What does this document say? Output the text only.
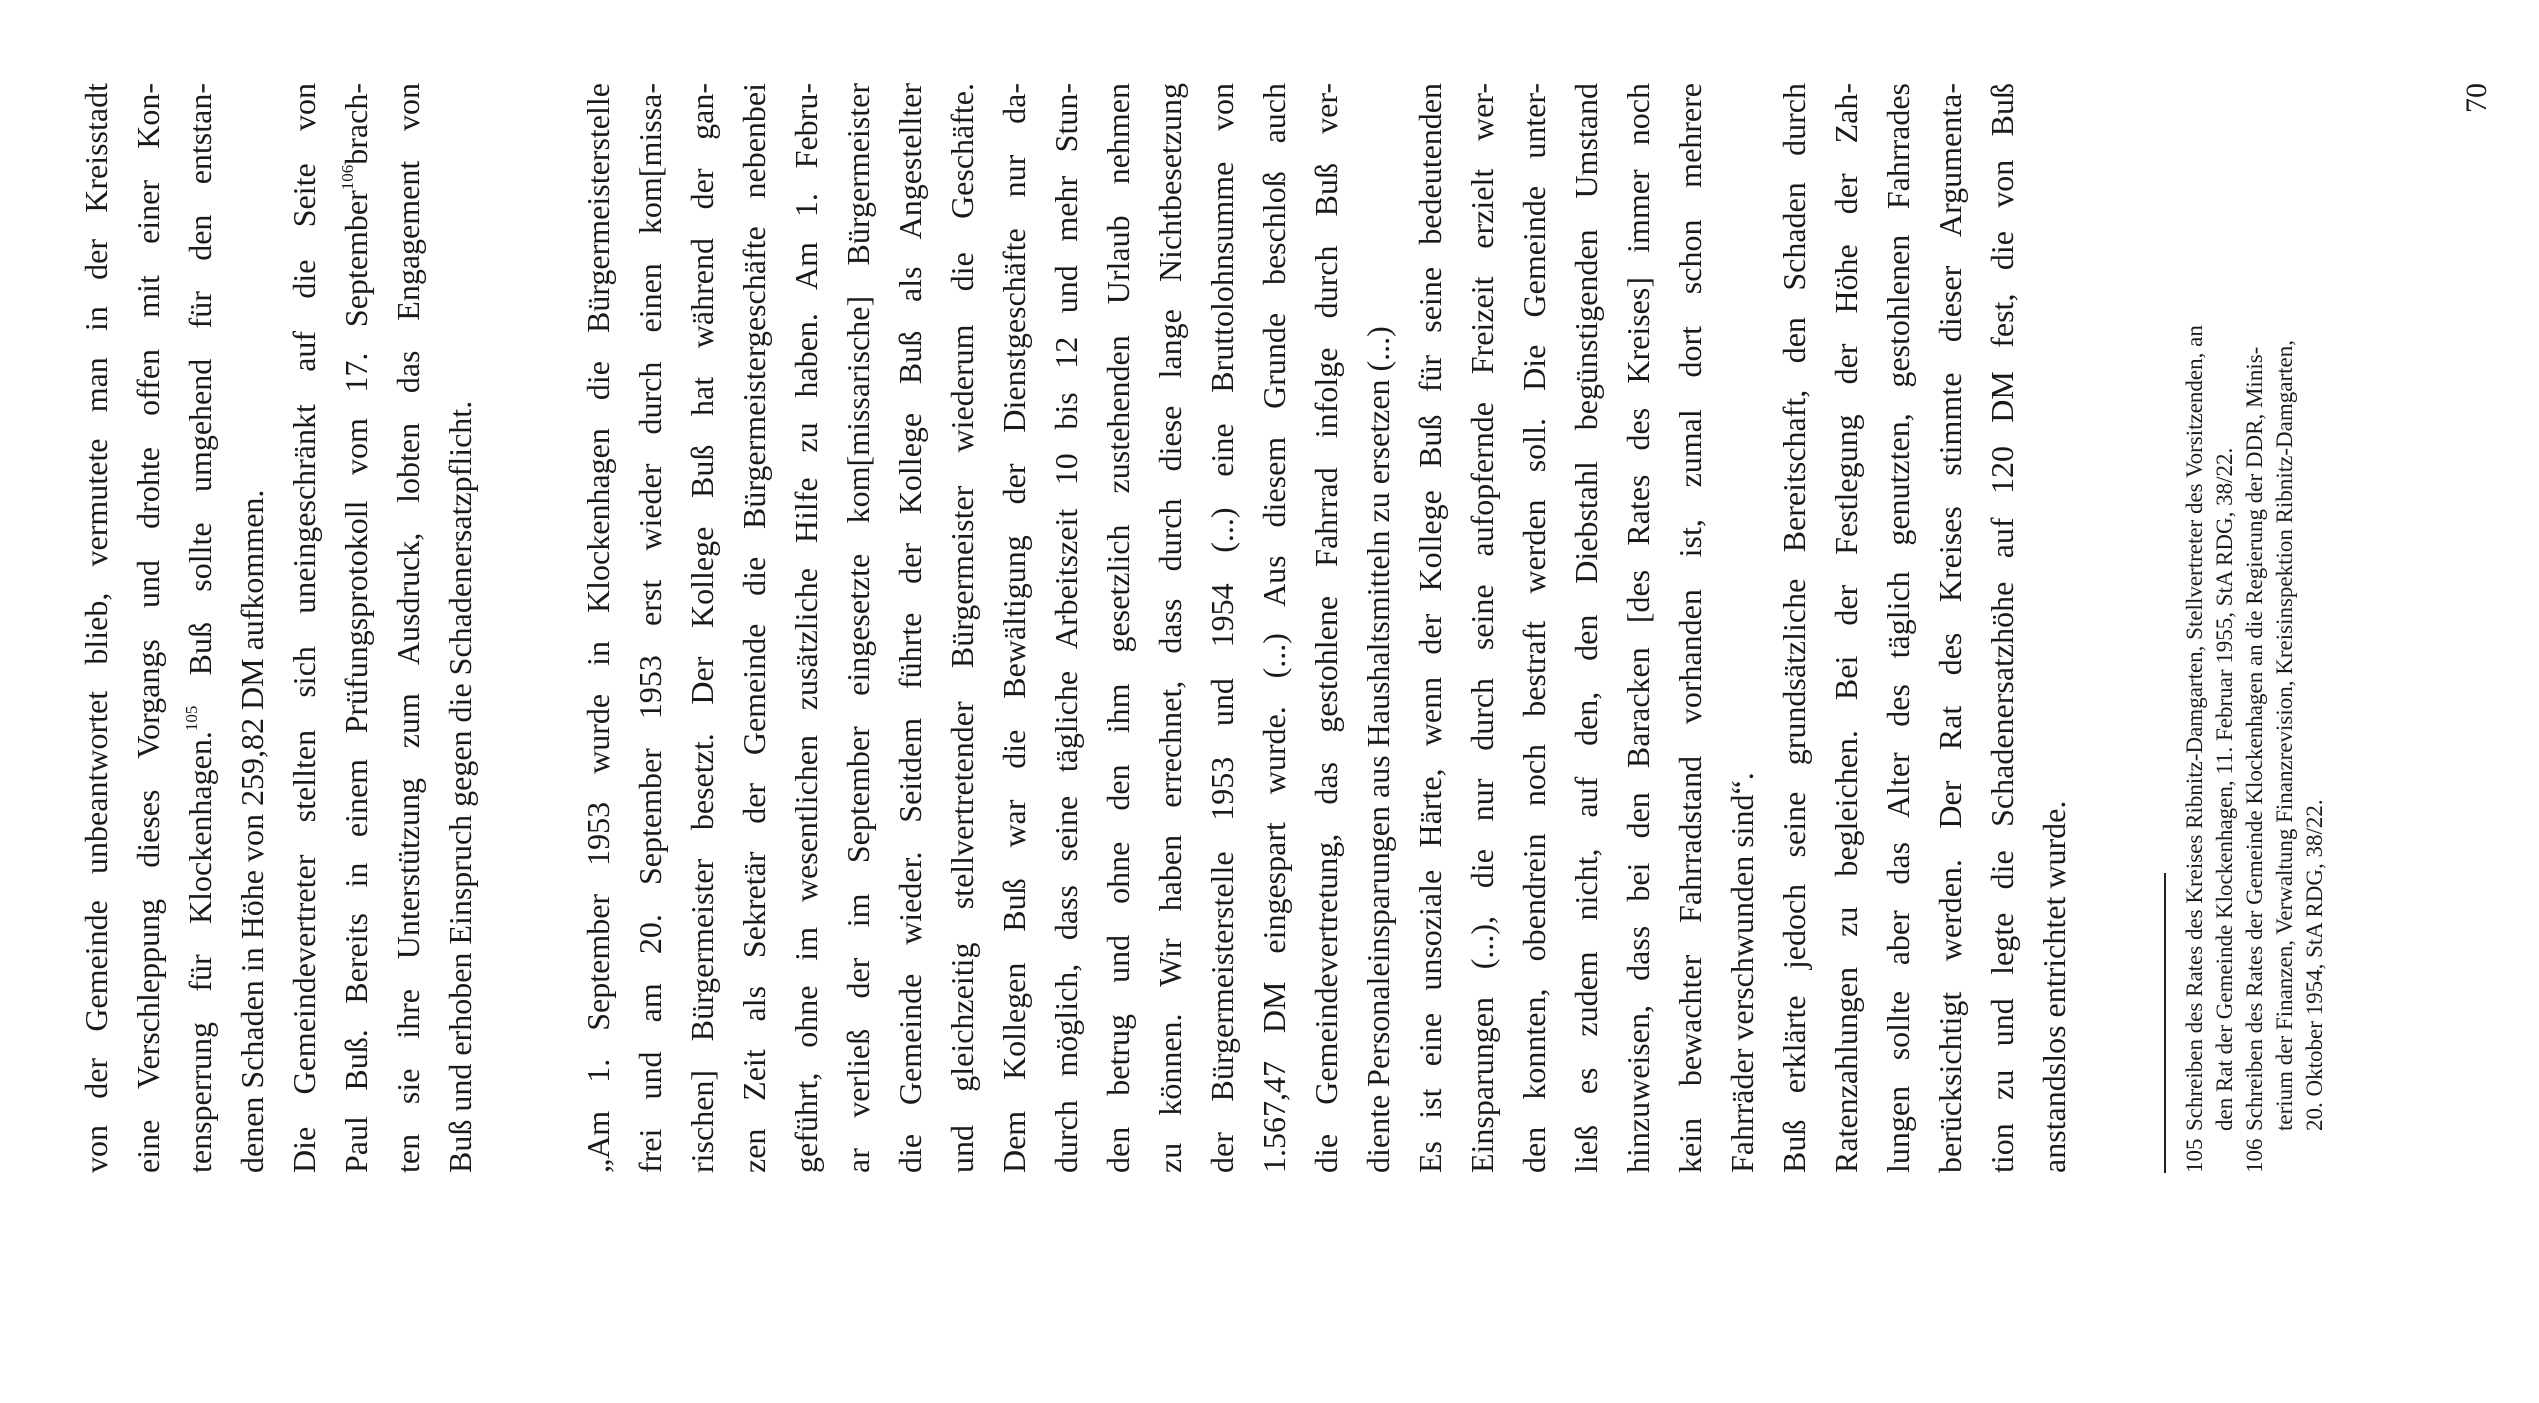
von der Gemeinde unbeantwortet blieb, vermutete man in der Kreisstadt eine Verschleppung dieses Vorgangs und drohte offen mit einer Kon- tensperrung für Klockenhagen.$^{105}$ Buß sollte umgehend für den entstan-
denen Schaden in Höhe von 259,82 DM aufkommen. Die Gemeindevertreter stellten sich uneingeschränkt auf die Seite von Paul Buß. Bereits in einem Prüfungsprotokoll vom 17. September$^{106}$brach- ten sie ihre Unterstützung zum Ausdruck, lobten das Engagement von Buß und erhoben Einspruch gegen die Schadenersatzpflicht.	„Am 1. September 1953 wurde in Klockenhagen die Bürgermeisterstelle frei und am 20. September 1953 erst wieder durch einen kom[missa- rischen] Bürgermeister besetzt. Der Kollege Buß hat während der gan- zen Zeit als Sekretär der Gemeinde die Bürgermeistergeschäfte nebenbei geführt, ohne im wesentlichen zusätzliche Hilfe zu haben. Am 1. Febru- ar verließ der im September eingesetzte kom[missarische] Bürgermeister die Gemeinde wieder. Seitdem führte der Kollege Buß als Angestellter und gleichzeitig stellvertretender Bürgermeister wiederum die Geschäfte. Dem Kollegen Buß war die Bewältigung der Dienstgeschäfte nur da- durch möglich, dass seine tägliche Arbeitszeit 10 bis 12 und mehr Stun- den betrug und ohne den ihm gesetzlich zustehenden Urlaub nehmen zu können. Wir haben errechnet, dass durch diese lange Nichtbesetzung der Bürgermeisterstelle 1953 und 1954 (...) eine Bruttolohnsumme von 1.567,47 DM eingespart wurde. (...) Aus diesem Grunde beschloß auch die Gemeindevertretung, das gestohlene Fahrrad infolge durch Buß ver- diente Personaleinsparungen aus Haushaltsmitteln zu ersetzen (...) Es ist eine unsoziale Härte, wenn der Kollege Buß für seine bedeutenden Einsparungen (...), die nur durch seine aufopfernde Freizeit erzielt wer- den konnten, obendrein noch bestraft werden soll. Die Gemeinde unter- ließ es zudem nicht, auf den, den Diebstahl begünstigenden Umstand hinzuweisen, dass bei den Baracken [des Rates des Kreises] immer noch kein bewachter Fahrradstand vorhanden ist, zumal dort schon mehrere Fahrräder verschwunden sind“. Buß erklärte jedoch seine grundsätzliche Bereitschaft, den Schaden durch Ratenzahlungen zu begleichen. Bei der Festlegung der Höhe der Zah- lungen sollte aber das Alter des täglich genutzten, gestohlenen Fahrrades berücksichtigt werden. Der Rat des Kreises stimmte dieser Argumenta- tion zu und legte die Schadenersatzhöhe auf 120 DM fest, die von Buß anstandslos entrichtet wurde.	105Schreiben des Rates des Kreises Ribnitz-Damgarten, Stellvertreter des Vorsitzenden, an den Rat der Gemeinde Klockenhagen, 11. Februar 1955, StA RDG, 38/22.
106Schreiben des Rates der Gemeinde Klockenhagen an die Regierung der DDR, Minis- terium der Finanzen, Verwaltung Finanzrevision, Kreisinspektion Ribnitz-Damgarten, 20. Oktober 1954, StA RDG, 38/22.
70
